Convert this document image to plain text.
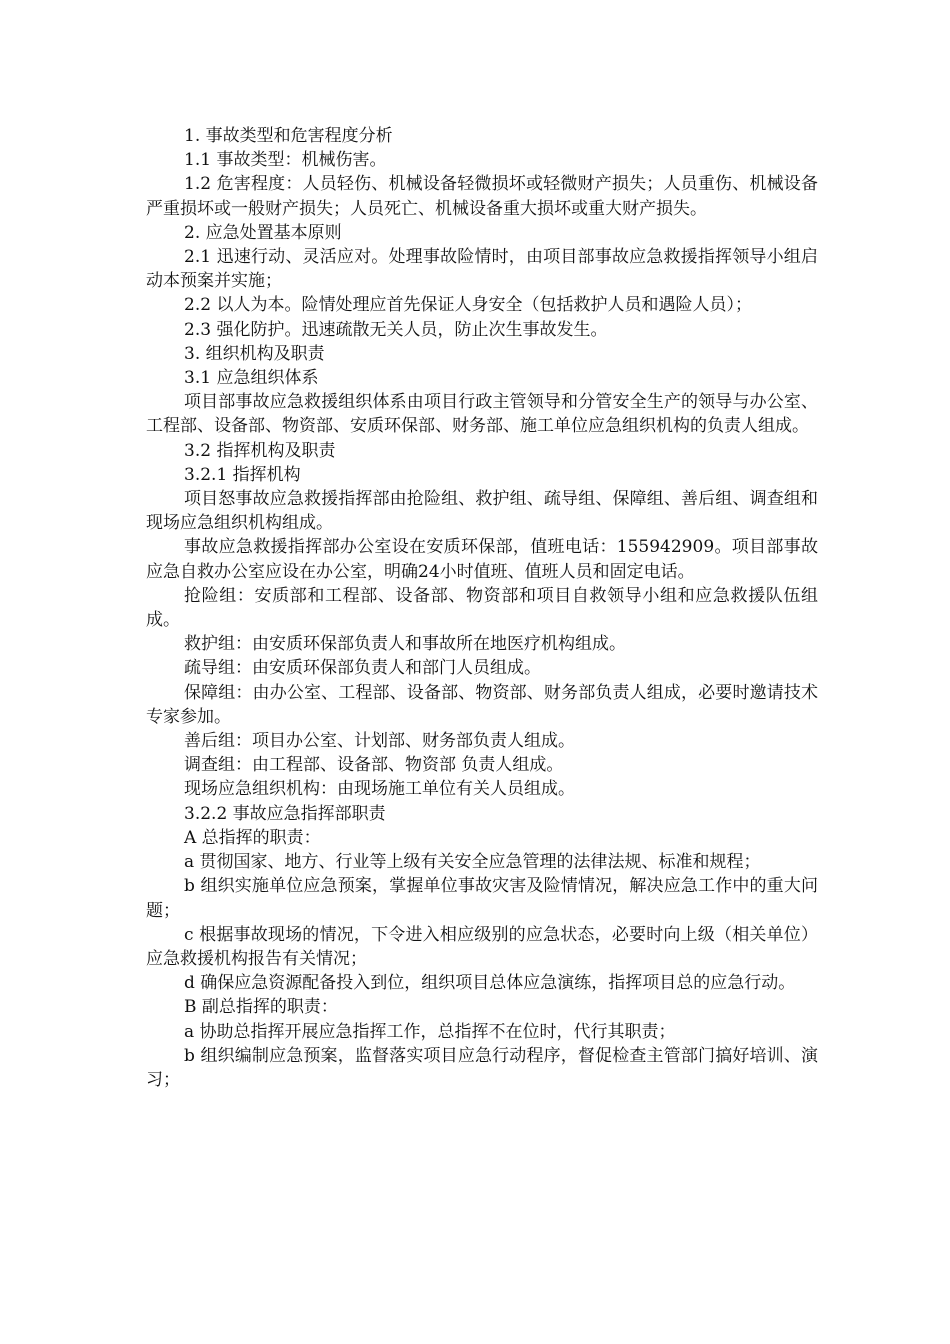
1. 事故类型和危害程度分析

1.1 事故类型：机械伤害。

1.2 危害程度：人员轻伤、机械设备轻微损坏或轻微财产损失；人员重伤、机械设备严重损坏或一般财产损失；人员死亡、机械设备重大损坏或重大财产损失。

2. 应急处置基本原则

2.1 迅速行动、灵活应对。处理事故险情时，由项目部事故应急救援指挥领导小组启动本预案并实施；

2.2 以人为本。险情处理应首先保证人身安全（包括救护人员和遇险人员）；

2.3 强化防护。迅速疏散无关人员，防止次生事故发生。

3. 组织机构及职责

3.1 应急组织体系

项目部事故应急救援组织体系由项目行政主管领导和分管安全生产的领导与办公室、工程部、设备部、物资部、安质环保部、财务部、施工单位应急组织机构的负责人组成。

3.2 指挥机构及职责

3.2.1 指挥机构

项目怒事故应急救援指挥部由抢险组、救护组、疏导组、保障组、善后组、调查组和现场应急组织机构组成。

事故应急救援指挥部办公室设在安质环保部，值班电话：155942909。项目部事故应急自救办公室应设在办公室，明确24小时值班、值班人员和固定电话。

抢险组：安质部和工程部、设备部、物资部和项目自救领导小组和应急救援队伍组成。

救护组：由安质环保部负责人和事故所在地医疗机构组成。

疏导组：由安质环保部负责人和部门人员组成。

保障组：由办公室、工程部、设备部、物资部、财务部负责人组成，必要时邀请技术专家参加。

善后组：项目办公室、计划部、财务部负责人组成。

调查组：由工程部、设备部、物资部 负责人组成。

现场应急组织机构：由现场施工单位有关人员组成。

3.2.2 事故应急指挥部职责

A 总指挥的职责：

a 贯彻国家、地方、行业等上级有关安全应急管理的法律法规、标准和规程；

b 组织实施单位应急预案，掌握单位事故灾害及险情情况，解决应急工作中的重大问题；

c 根据事故现场的情况，下令进入相应级别的应急状态，必要时向上级（相关单位）应急救援机构报告有关情况；

d 确保应急资源配备投入到位，组织项目总体应急演练，指挥项目总的应急行动。

B 副总指挥的职责：

a 协助总指挥开展应急指挥工作，总指挥不在位时，代行其职责；

b 组织编制应急预案，监督落实项目应急行动程序，督促检查主管部门搞好培训、演习；
